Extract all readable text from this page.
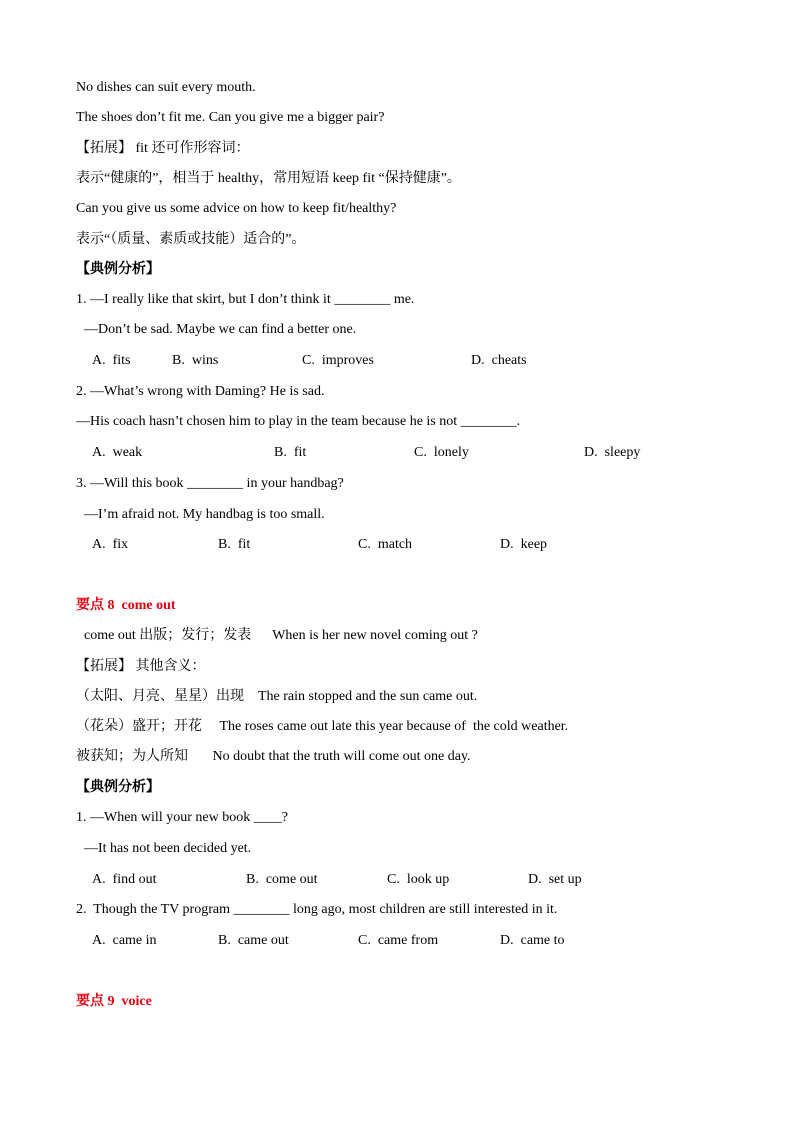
No dishes can suit every mouth.
The shoes don’t fit me. Can you give me a bigger pair?
【拓展】 fit 还可作形容词：
表示“健康的”，相当于 healthy，常用短语 keep fit “保持健康”。
Can you give us some advice on how to keep fit/healthy?
表示“（质量、素质或技能）适合的”。
【典例分析】
1. —I really like that skirt, but I don’t think it ________ me.
—Don’t be sad. Maybe we can find a better one.
A.  fits	B.  wins	C.  improves	D.  cheats
2. —What’s wrong with Daming? He is sad.
—His coach hasn’t chosen him to play in the team because he is not ________.
A.  weak	B.  fit	C.  lonely	D.  sleepy
3. —Will this book ________ in your handbag?
—I’m afraid not. My handbag is too small.
A.  fix	B.  fit	C.  match	D.  keep
要点 8  come out
come out 出版；发行；发表      When is her new novel coming out ?
【拓展】 其他含义：
（太阳、月亮、星星）出现    The rain stopped and the sun came out.
（花朵）盛开；开花     The roses came out late this year because of  the cold weather.
被获知；为人所知       No doubt that the truth will come out one day.
【典例分析】
1. —When will your new book ____?
—It has not been decided yet.
A.  find out	B.  come out	C.  look up	D.  set up
2.  Though the TV program ________ long ago, most children are still interested in it.
A.  came in	B.  came out	C.  came from	D.  came to
要点 9  voice
